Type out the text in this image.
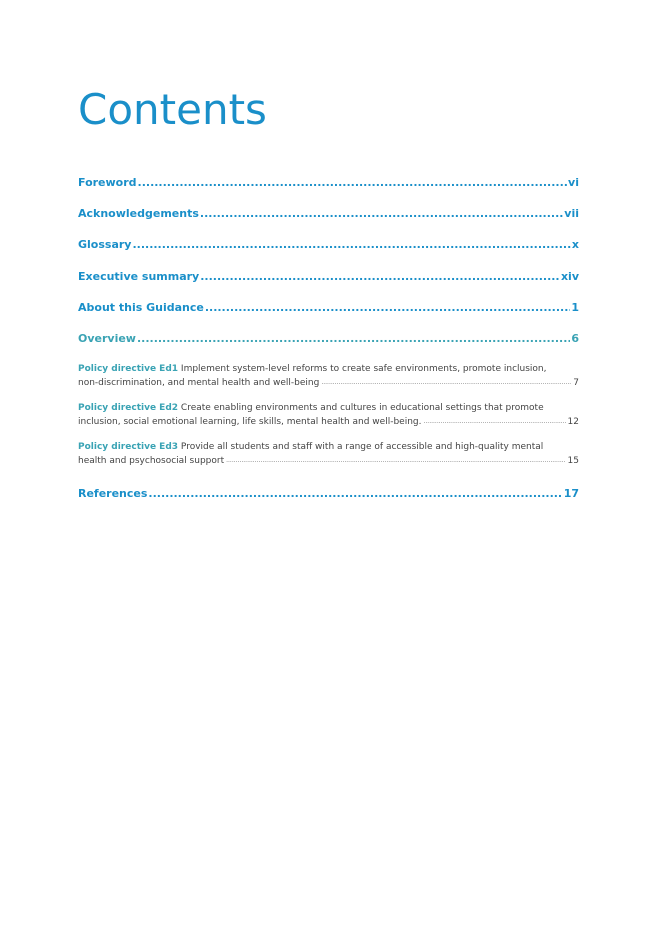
Contents
Foreword .....	vi
Acknowledgements .....	vii
Glossary .....	x
Executive summary .....	xiv
About this Guidance .....	1
Overview .....	6
Policy directive Ed1 Implement system-level reforms to create safe environments, promote inclusion,
non-discrimination, and mental health and well-being .....	7
Policy directive Ed2 Create enabling environments and cultures in educational settings that promote
inclusion, social emotional learning, life skills, mental health and well-being. .....	12
Policy directive Ed3 Provide all students and staff with a range of accessible and high-quality mental
health and psychosocial support .....	15
References .....	17
